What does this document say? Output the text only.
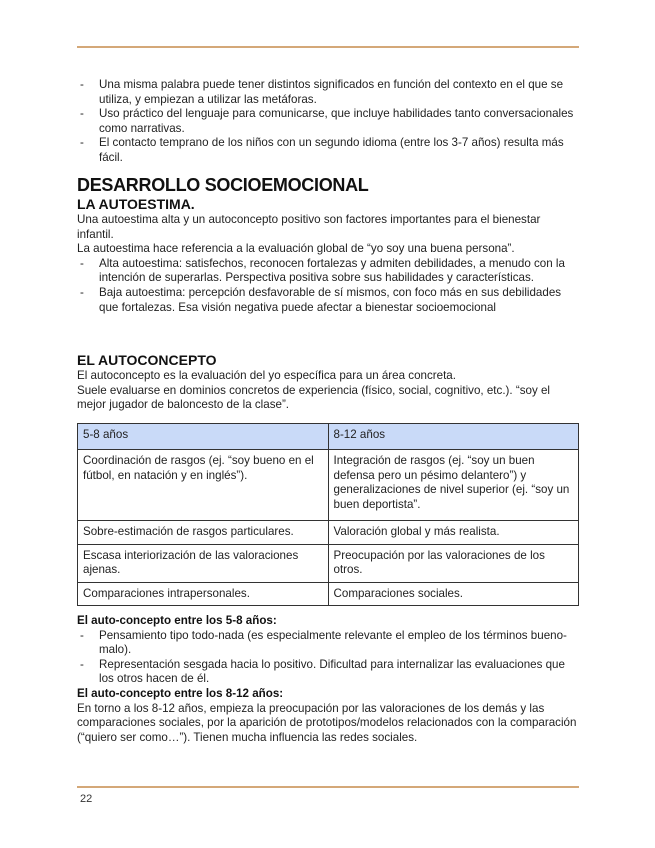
- Una misma palabra puede tener distintos significados en función del contexto en el que se utiliza, y empiezan a utilizar las metáforas.
- Uso práctico del lenguaje para comunicarse, que incluye habilidades tanto conversacionales como narrativas.
- El contacto temprano de los niños con un segundo idioma (entre los 3-7 años) resulta más fácil.
DESARROLLO SOCIOEMOCIONAL
LA AUTOESTIMA.

Una autoestima alta y un autoconcepto positivo son factores importantes para el bienestar infantil.

La autoestima hace referencia a la evaluación global de “yo soy una buena persona”.

- Alta autoestima: satisfechos, reconocen fortalezas y admiten debilidades, a menudo con la intención de superarlas. Perspectiva positiva sobre sus habilidades y características.
- Baja autoestima: percepción desfavorable de sí mismos, con foco más en sus debilidades que fortalezas. Esa visión negativa puede afectar a bienestar socioemocional
EL AUTOCONCEPTO

El autoconcepto es la evaluación del yo específica para un área concreta.

Suele evaluarse en dominios concretos de experiencia (físico, social, cognitivo, etc.). “soy el mejor jugador de baloncesto de la clase”.

5-8 años	8-12 años
Coordinación de rasgos (ej. “soy bueno en el fútbol, en natación y en inglés”).	Integración de rasgos (ej. “soy un buen defensa pero un pésimo delantero”) y generalizaciones de nivel superior (ej. “soy un buen deportista”.
Sobre-estimación de rasgos particulares.	Valoración global y más realista.
Escasa interiorización de las valoraciones ajenas.	Preocupación por las valoraciones de los otros.
Comparaciones intrapersonales.	Comparaciones sociales.

El auto-concepto entre los 5-8 años:

- Pensamiento tipo todo-nada (es especialmente relevante el empleo de los términos bueno-malo).
- Representación sesgada hacia lo positivo. Dificultad para internalizar las evaluaciones que los otros hacen de él.

El auto-concepto entre los 8-12 años:

En torno a los 8-12 años, empieza la preocupación por las valoraciones de los demás y las comparaciones sociales, por la aparición de prototipos/modelos relacionados con la comparación (“quiero ser como…”). Tienen mucha influencia las redes sociales.

22
